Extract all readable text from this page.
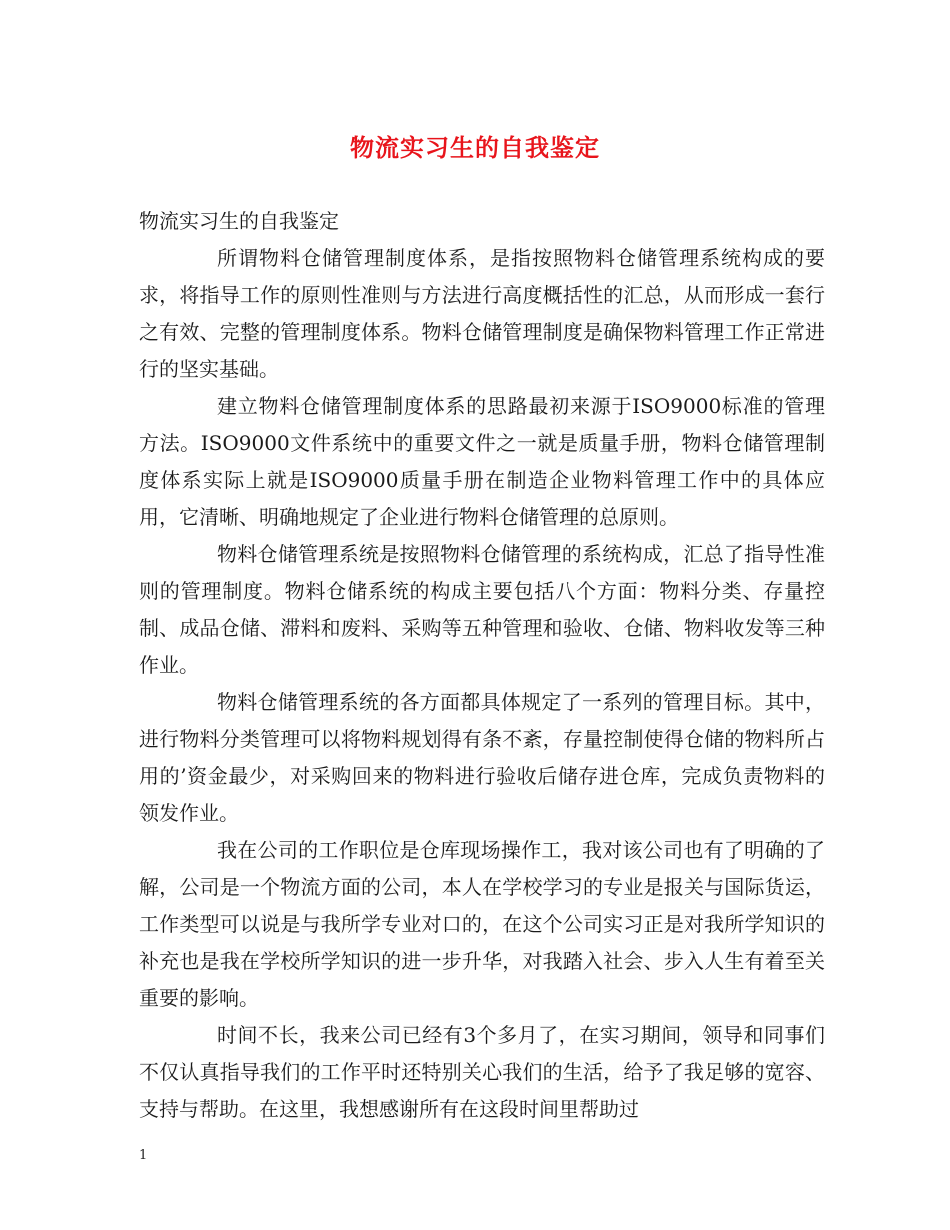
物流实习生的自我鉴定

物流实习生的自我鉴定

所谓物料仓储管理制度体系，是指按照物料仓储管理系统构成的要求，将指导工作的原则性准则与方法进行高度概括性的汇总，从而形成一套行之有效、完整的管理制度体系。物料仓储管理制度是确保物料管理工作正常进行的坚实基础。

建立物料仓储管理制度体系的思路最初来源于ISO9000标准的管理方法。ISO9000文件系统中的重要文件之一就是质量手册，物料仓储管理制度体系实际上就是ISO9000质量手册在制造企业物料管理工作中的具体应用，它清晰、明确地规定了企业进行物料仓储管理的总原则。

物料仓储管理系统是按照物料仓储管理的系统构成，汇总了指导性准则的管理制度。物料仓储系统的构成主要包括八个方面：物料分类、存量控制、成品仓储、滞料和废料、采购等五种管理和验收、仓储、物料收发等三种作业。

物料仓储管理系统的各方面都具体规定了一系列的管理目标。其中，进行物料分类管理可以将物料规划得有条不紊，存量控制使得仓储的物料所占用的’资金最少，对采购回来的物料进行验收后储存进仓库，完成负责物料的领发作业。

我在公司的工作职位是仓库现场操作工，我对该公司也有了明确的了解，公司是一个物流方面的公司，本人在学校学习的专业是报关与国际货运，工作类型可以说是与我所学专业对口的，在这个公司实习正是对我所学知识的补充也是我在学校所学知识的进一步升华，对我踏入社会、步入人生有着至关重要的影响。

时间不长，我来公司已经有3个多月了，在实习期间，领导和同事们不仅认真指导我们的工作平时还特别关心我们的生活，给予了我足够的宽容、支持与帮助。在这里，我想感谢所有在这段时间里帮助过

1
